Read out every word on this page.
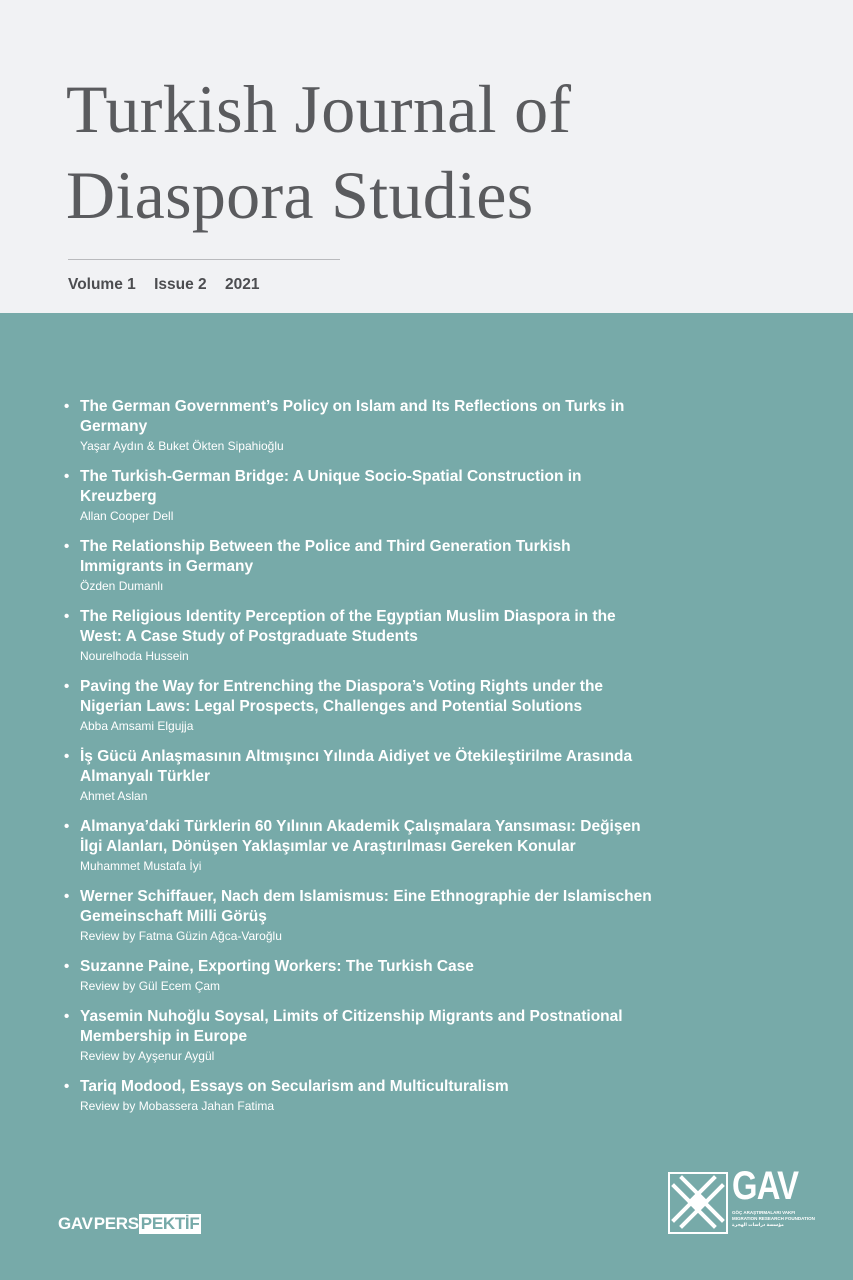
Turkish Journal of
Diaspora Studies
Volume 1 Issue 2 2021
• The German Government’s Policy on Islam and Its Reflections on Turks in Germany
Yaşar Aydın & Buket Ökten Sipahioğlu
• The Turkish-German Bridge: A Unique Socio-Spatial Construction in Kreuzberg
Allan Cooper Dell
• The Relationship Between the Police and Third Generation Turkish Immigrants in Germany
Özden Dumanlı
• The Religious Identity Perception of the Egyptian Muslim Diaspora in the West: A Case Study of Postgraduate Students
Nourelhoda Hussein
• Paving the Way for Entrenching the Diaspora’s Voting Rights under the Nigerian Laws: Legal Prospects, Challenges and Potential Solutions
Abba Amsami Elgujja
• İş Gücü Anlaşmasının Altmışıncı Yılında Aidiyet ve Ötekileştirilme Arasında Almanyalı Türkler
Ahmet Aslan
• Almanya’daki Türklerin 60 Yılının Akademik Çalışmalara Yansıması: Değişen İlgi Alanları, Dönüşen Yaklaşımlar ve Araştırılması Gereken Konular
Muhammet Mustafa İyi
• Werner Schiffauer, Nach dem Islamismus: Eine Ethnographie der Islamischen Gemeinschaft Milli Görüş
Review by Fatma Güzin Ağca-Varoğlu
• Suzanne Paine, Exporting Workers: The Turkish Case
Review by Gül Ecem Çam
• Yasemin Nuhoğlu Soysal, Limits of Citizenship Migrants and Postnational Membership in Europe
Review by Ayşenur Aygül
• Tariq Modood, Essays on Secularism and Multiculturalism
Review by Mobassera Jahan Fatima
GAVPERS PEKTİF
GAV
GÖÇ ARAŞTIRMALARI VAKFI
MIGRATION RESEARCH FOUNDATION
مؤسسة دراسات الهجرة
